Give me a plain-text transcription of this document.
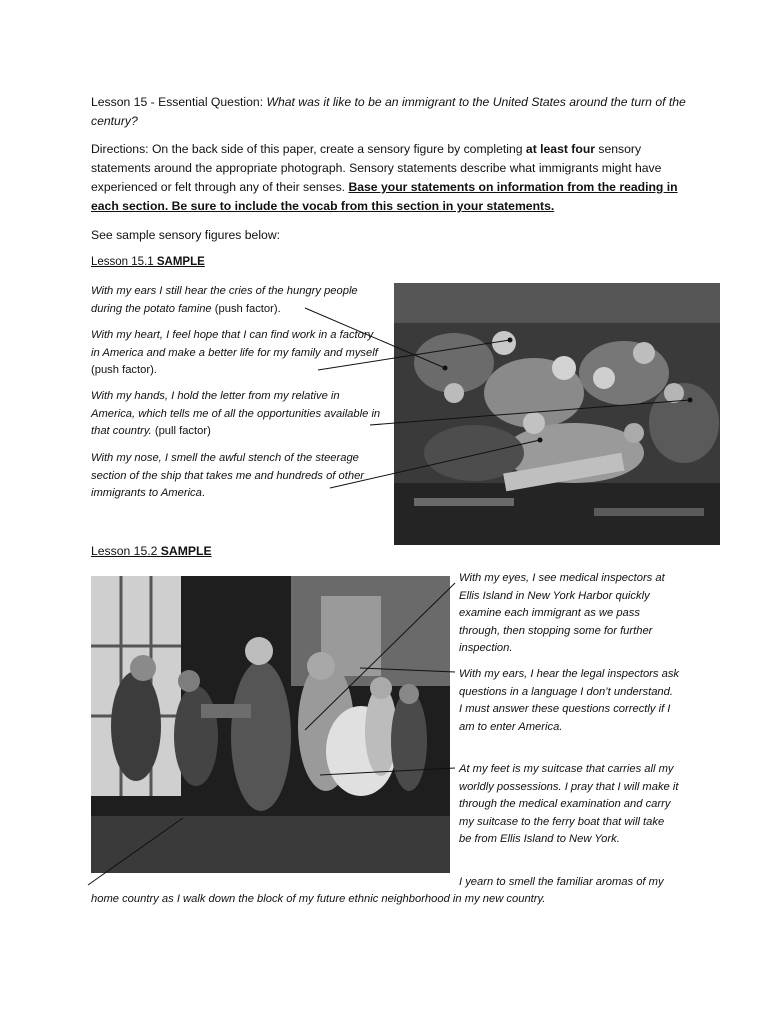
Lesson 15 - Essential Question: What was it like to be an immigrant to the United States around the turn of the century?
Directions: On the back side of this paper, create a sensory figure by completing at least four sensory statements around the appropriate photograph. Sensory statements describe what immigrants might have experienced or felt through any of their senses. Base your statements on information from the reading in each section. Be sure to include the vocab from this section in your statements.
See sample sensory figures below:
Lesson 15.1 SAMPLE
With my ears I still hear the cries of the hungry people during the potato famine (push factor).
With my heart, I feel hope that I can find work in a factory in America and make a better life for my family and myself (push factor).
With my hands, I hold the letter from my relative in America, which tells me of all the opportunities available in that country. (pull factor)
With my nose, I smell the awful stench of the steerage section of the ship that takes me and hundreds of other immigrants to America.
Lesson 15.2 SAMPLE
With my eyes, I see medical inspectors at Ellis Island in New York Harbor quickly examine each immigrant as we pass through, then stopping some for further inspection.
With my ears, I hear the legal inspectors ask questions in a language I don’t understand. I must answer these questions correctly if I am to enter America.
At my feet is my suitcase that carries all my worldly possessions. I pray that I will make it through the medical examination and carry my suitcase to the ferry boat that will take be from Ellis Island to New York.
I yearn to smell the familiar aromas of my
home country as I walk down the block of my future ethnic neighborhood in my new country.
